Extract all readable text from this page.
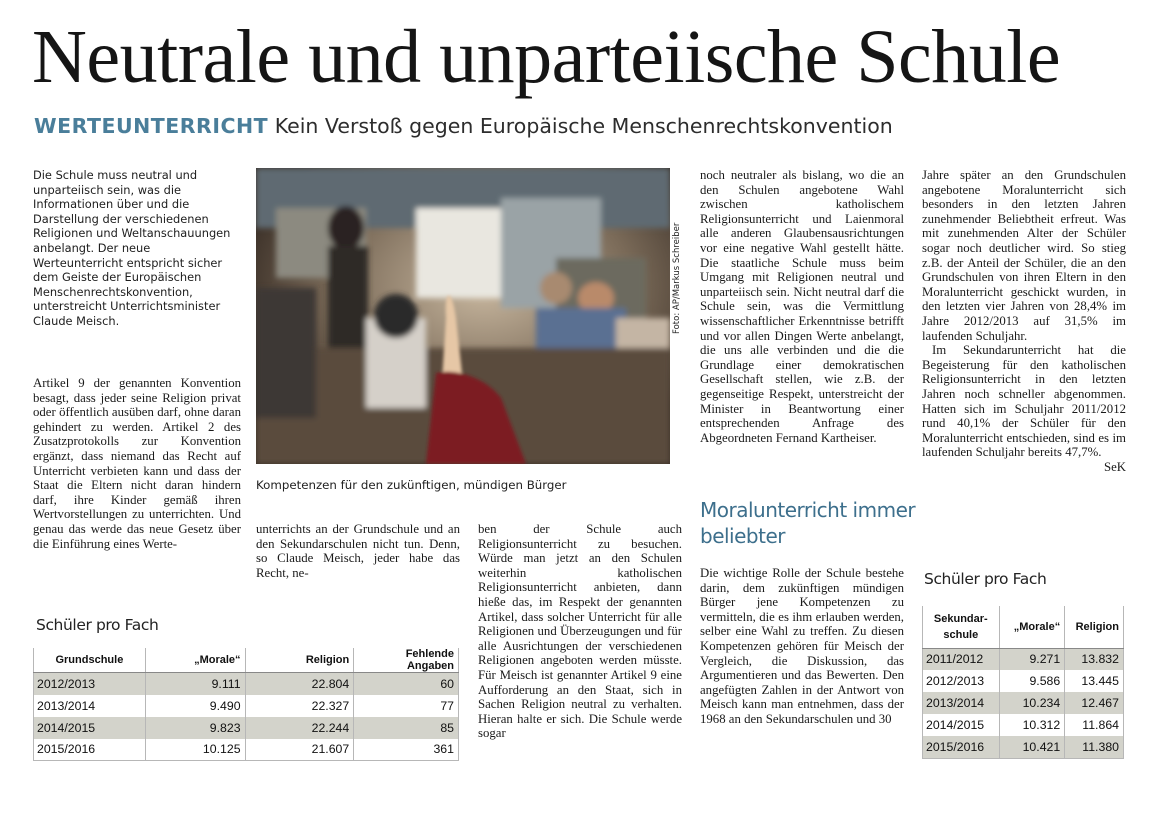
Neutrale und unparteiische Schule
WERTEUNTERRICHT Kein Verstoß gegen Europäische Menschenrechtskonvention
Die Schule muss neutral und unparteiisch sein, was die Informationen über und die Darstellung der verschiedenen Religionen und Weltanschauungen anbelangt. Der neue Werteunterricht entspricht sicher dem Geiste der Europäischen Menschenrechtskonvention, unterstreicht Unterrichtsminister Claude Meisch.
Artikel 9 der genannten Konvention besagt, dass jeder seine Religion privat oder öffentlich ausüben darf, ohne daran gehindert zu werden. Artikel 2 des Zusatzprotokolls zur Konvention ergänzt, dass niemand das Recht auf Unterricht verbieten kann und dass der Staat die Eltern nicht daran hindern darf, ihre Kinder gemäß ihren Wertvorstellungen zu unterrichten. Und genau das werde das neue Gesetz über die Einführung eines Werte-
Foto: AP/Markus Schreiber
Kompetenzen für den zukünftigen, mündigen Bürger
unterrichts an der Grundschule und an den Sekundarschulen nicht tun. Denn, so Claude Meisch, jeder habe das Recht, ne-
ben der Schule auch Religionsunterricht zu besuchen. Würde man jetzt an den Schulen weiterhin katholischen Religionsunterricht anbieten, dann hieße das, im Respekt der genannten Artikel, dass solcher Unterricht für alle Religionen und Überzeugungen und für alle Ausrichtungen der verschiedenen Religionen angeboten werden müsste. Für Meisch ist genannter Artikel 9 eine Aufforderung an den Staat, sich in Sachen Religion neutral zu verhalten. Hieran halte er sich. Die Schule werde sogar
noch neutraler als bislang, wo die an den Schulen angebotene Wahl zwischen katholischem Religionsunterricht und Laienmoral alle anderen Glaubensausrichtungen vor eine negative Wahl gestellt hätte. Die staatliche Schule muss beim Umgang mit Religionen neutral und unparteiisch sein. Nicht neutral darf die Schule sein, was die Vermittlung wissenschaftlicher Erkenntnisse betrifft und vor allen Dingen Werte anbelangt, die uns alle verbinden und die die Grundlage einer demokratischen Gesellschaft stellen, wie z.B. der gegenseitige Respekt, unterstreicht der Minister in Beantwortung einer entsprechenden Anfrage des Abgeordneten Fernand Kartheiser.
Moralunterricht immer beliebter
Die wichtige Rolle der Schule bestehe darin, dem zukünftigen mündigen Bürger jene Kompetenzen zu vermitteln, die es ihm erlauben werden, selber eine Wahl zu treffen. Zu diesen Kompetenzen gehören für Meisch der Vergleich, die Diskussion, das Argumentieren und das Bewerten. Den angefügten Zahlen in der Antwort von Meisch kann man entnehmen, dass der 1968 an den Sekundarschulen und 30

Jahre später an den Grundschulen angebotene Moralunterricht sich besonders in den letzten Jahren zunehmender Beliebtheit erfreut. Was mit zunehmenden Alter der Schüler sogar noch deutlicher wird. So stieg z.B. der Anteil der Schüler, die an den Grundschulen von ihren Eltern in den Moralunterricht geschickt wurden, in den letzten vier Jahren von 28,4% im Jahre 2012/2013 auf 31,5% im laufenden Schuljahr.

Im Sekundarunterricht hat die Begeisterung für den katholischen Religionsunterricht in den letzten Jahren noch schneller abgenommen. Hatten sich im Schuljahr 2011/2012 rund 40,1% der Schüler für den Moralunterricht entschieden, sind es im laufenden Schuljahr bereits 47,7%.

SeK
Schüler pro Fach
Grundschule	„Morale“	Religion	Fehlende Angaben
2012/2013	9.111	22.804	60
2013/2014	9.490	22.327	77
2014/2015	9.823	22.244	85
2015/2016	10.125	21.607	361
Schüler pro Fach
Sekundar-
schule	„Morale“	Religion
2011/2012	9.271	13.832
2012/2013	9.586	13.445
2013/2014	10.234	12.467
2014/2015	10.312	11.864
2015/2016	10.421	11.380
